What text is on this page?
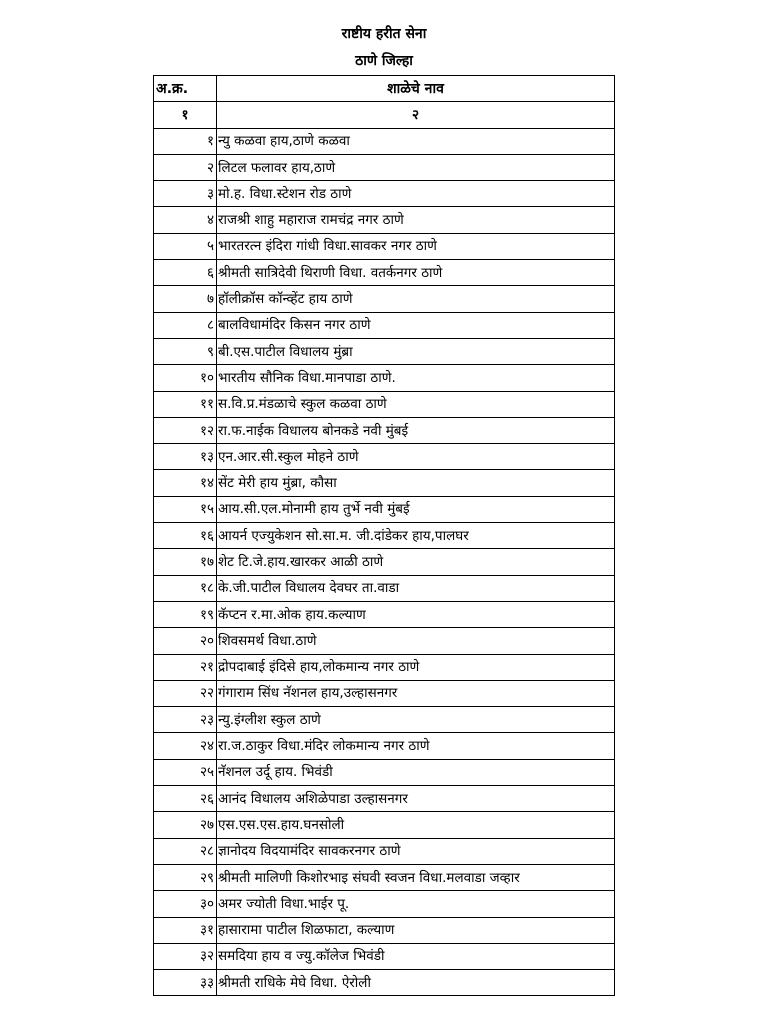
राष्टीय हरीत सेना
ठाणे जिल्हा
अ.क्र.	शाळेचे नाव
१	२
१	न्यु कळवा हाय,ठाणे कळवा
२	लिटल फलावर हाय,ठाणे
३	मो.ह. विधा.स्टेशन रोड ठाणे
४	राजश्री शाहु महाराज रामचंद्र नगर ठाणे
५	भारतरत्न इंदिरा गांधी विधा.सावकर नगर ठाणे
६	श्रीमती सात्रिदेवी थिराणी विधा. वतर्कनगर ठाणे
७	हॉलीक्रॉस कॉन्व्हेंट हाय ठाणे
८	बालविधामंदिर किसन नगर ठाणे
९	बी.एस.पाटील विधालय मुंब्रा
१०	भारतीय सौनिक विधा.मानपाडा ठाणे.
११	स.वि.प्र.मंडळाचे स्कुल कळवा ठाणे
१२	रा.फ.नाईक विधालय बोनकडे नवी मुंबई
१३	एन.आर.सी.स्कुल मोहने ठाणे
१४	सेंट मेरी हाय मुंब्रा, कौसा
१५	आय.सी.एल.मोनामी हाय तुर्भे नवी मुंबई
१६	आयर्न एज्युकेशन सो.सा.म. जी.दांडेकर हाय,पालघर
१७	शेट टि.जे.हाय.खारकर आळी ठाणे
१८	के.जी.पाटील विधालय देवघर ता.वाडा
१९	कॅप्टन र.मा.ओक हाय.कल्याण
२०	शिवसमर्थ विधा.ठाणे
२१	द्रोपदाबाई इंदिसे हाय,लोकमान्य नगर ठाणे
२२	गंगाराम सिंध नॅशनल हाय,उल्हासनगर
२३	न्यु.इंग्लीश स्कुल ठाणे
२४	रा.ज.ठाकुर विधा.मंदिर लोकमान्य नगर ठाणे
२५	नॅशनल उर्दू हाय. भिवंडी
२६	आनंद विधालय अशिळेपाडा उल्हासनगर
२७	एस.एस.एस.हाय.घनसोली
२८	ज्ञानोदय विदयामंदिर सावकरनगर ठाणे
२९	श्रीमती मालिणी किशोरभाइ संघवी स्वजन विधा.मलवाडा जव्हार
३०	अमर ज्योती विधा.भाईर पू.
३१	हासारामा पाटील शिळफाटा, कल्याण
३२	समदिया हाय व ज्यु.कॉलेज भिवंडी
३३	श्रीमती राधिके मेघे विधा. ऐरोली
